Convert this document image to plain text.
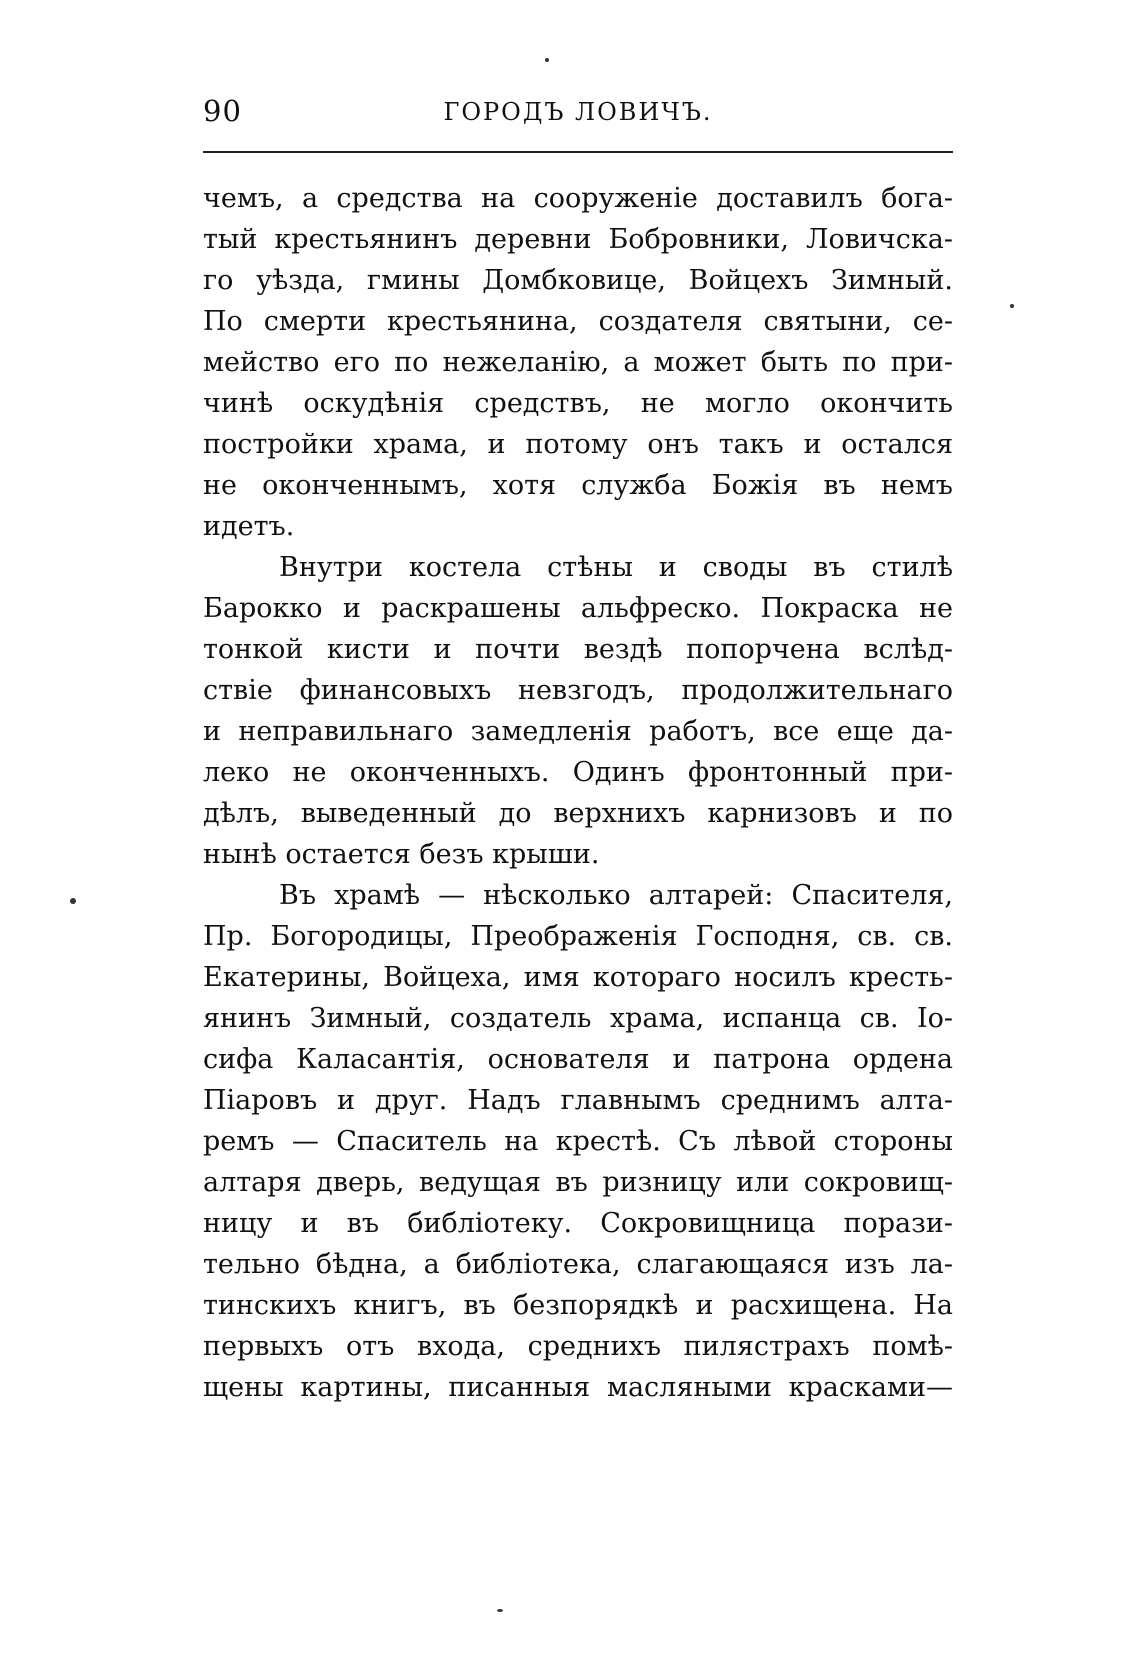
90	ГОРОДЪ ЛОВИЧЪ.
чемъ, а средства на сооруженіе доставилъ бога-
тый крестьянинъ деревни Бобровники, Ловичска-
го уѣзда, гмины Домбковице, Войцехъ Зимный.
По смерти крестьянина, создателя святыни, се-
мейство его по нежеланію, а может быть по при-
чинѣ оскудѣнія средствъ, не могло окончить
постройки храма, и потому онъ такъ и остался
не оконченнымъ, хотя служба Божія въ немъ
идетъ.
Внутри костела стѣны и своды въ стилѣ
Барокко и раскрашены альфреско. Покраска не
тонкой кисти и почти вездѣ попорчена вслѣд-
ствіе финансовыхъ невзгодъ, продолжительнаго
и неправильнаго замедленія работъ, все еще да-
леко не оконченныхъ. Одинъ фронтонный при-
дѣлъ, выведенный до верхнихъ карнизовъ и по
нынѣ остается безъ крыши.
Въ храмѣ — нѣсколько алтарей: Спасителя,
Пр. Богородицы, Преображенія Господня, св. св.
Екатерины, Войцеха, имя котораго носилъ кресть-
янинъ Зимный, создатель храма, испанца св. Іо-
сифа Каласантія, основателя и патрона ордена
Піаровъ и друг. Надъ главнымъ среднимъ алта-
ремъ — Спаситель на крестѣ. Съ лѣвой стороны
алтаря дверь, ведущая въ ризницу или сокровищ-
ницу и въ библіотеку. Сокровищница порази-
тельно бѣдна, а библіотека, слагающаяся изъ ла-
тинскихъ книгъ, въ безпорядкѣ и расхищена. На
первыхъ отъ входа, среднихъ пилястрахъ помѣ-
щены картины, писанныя масляными красками—
